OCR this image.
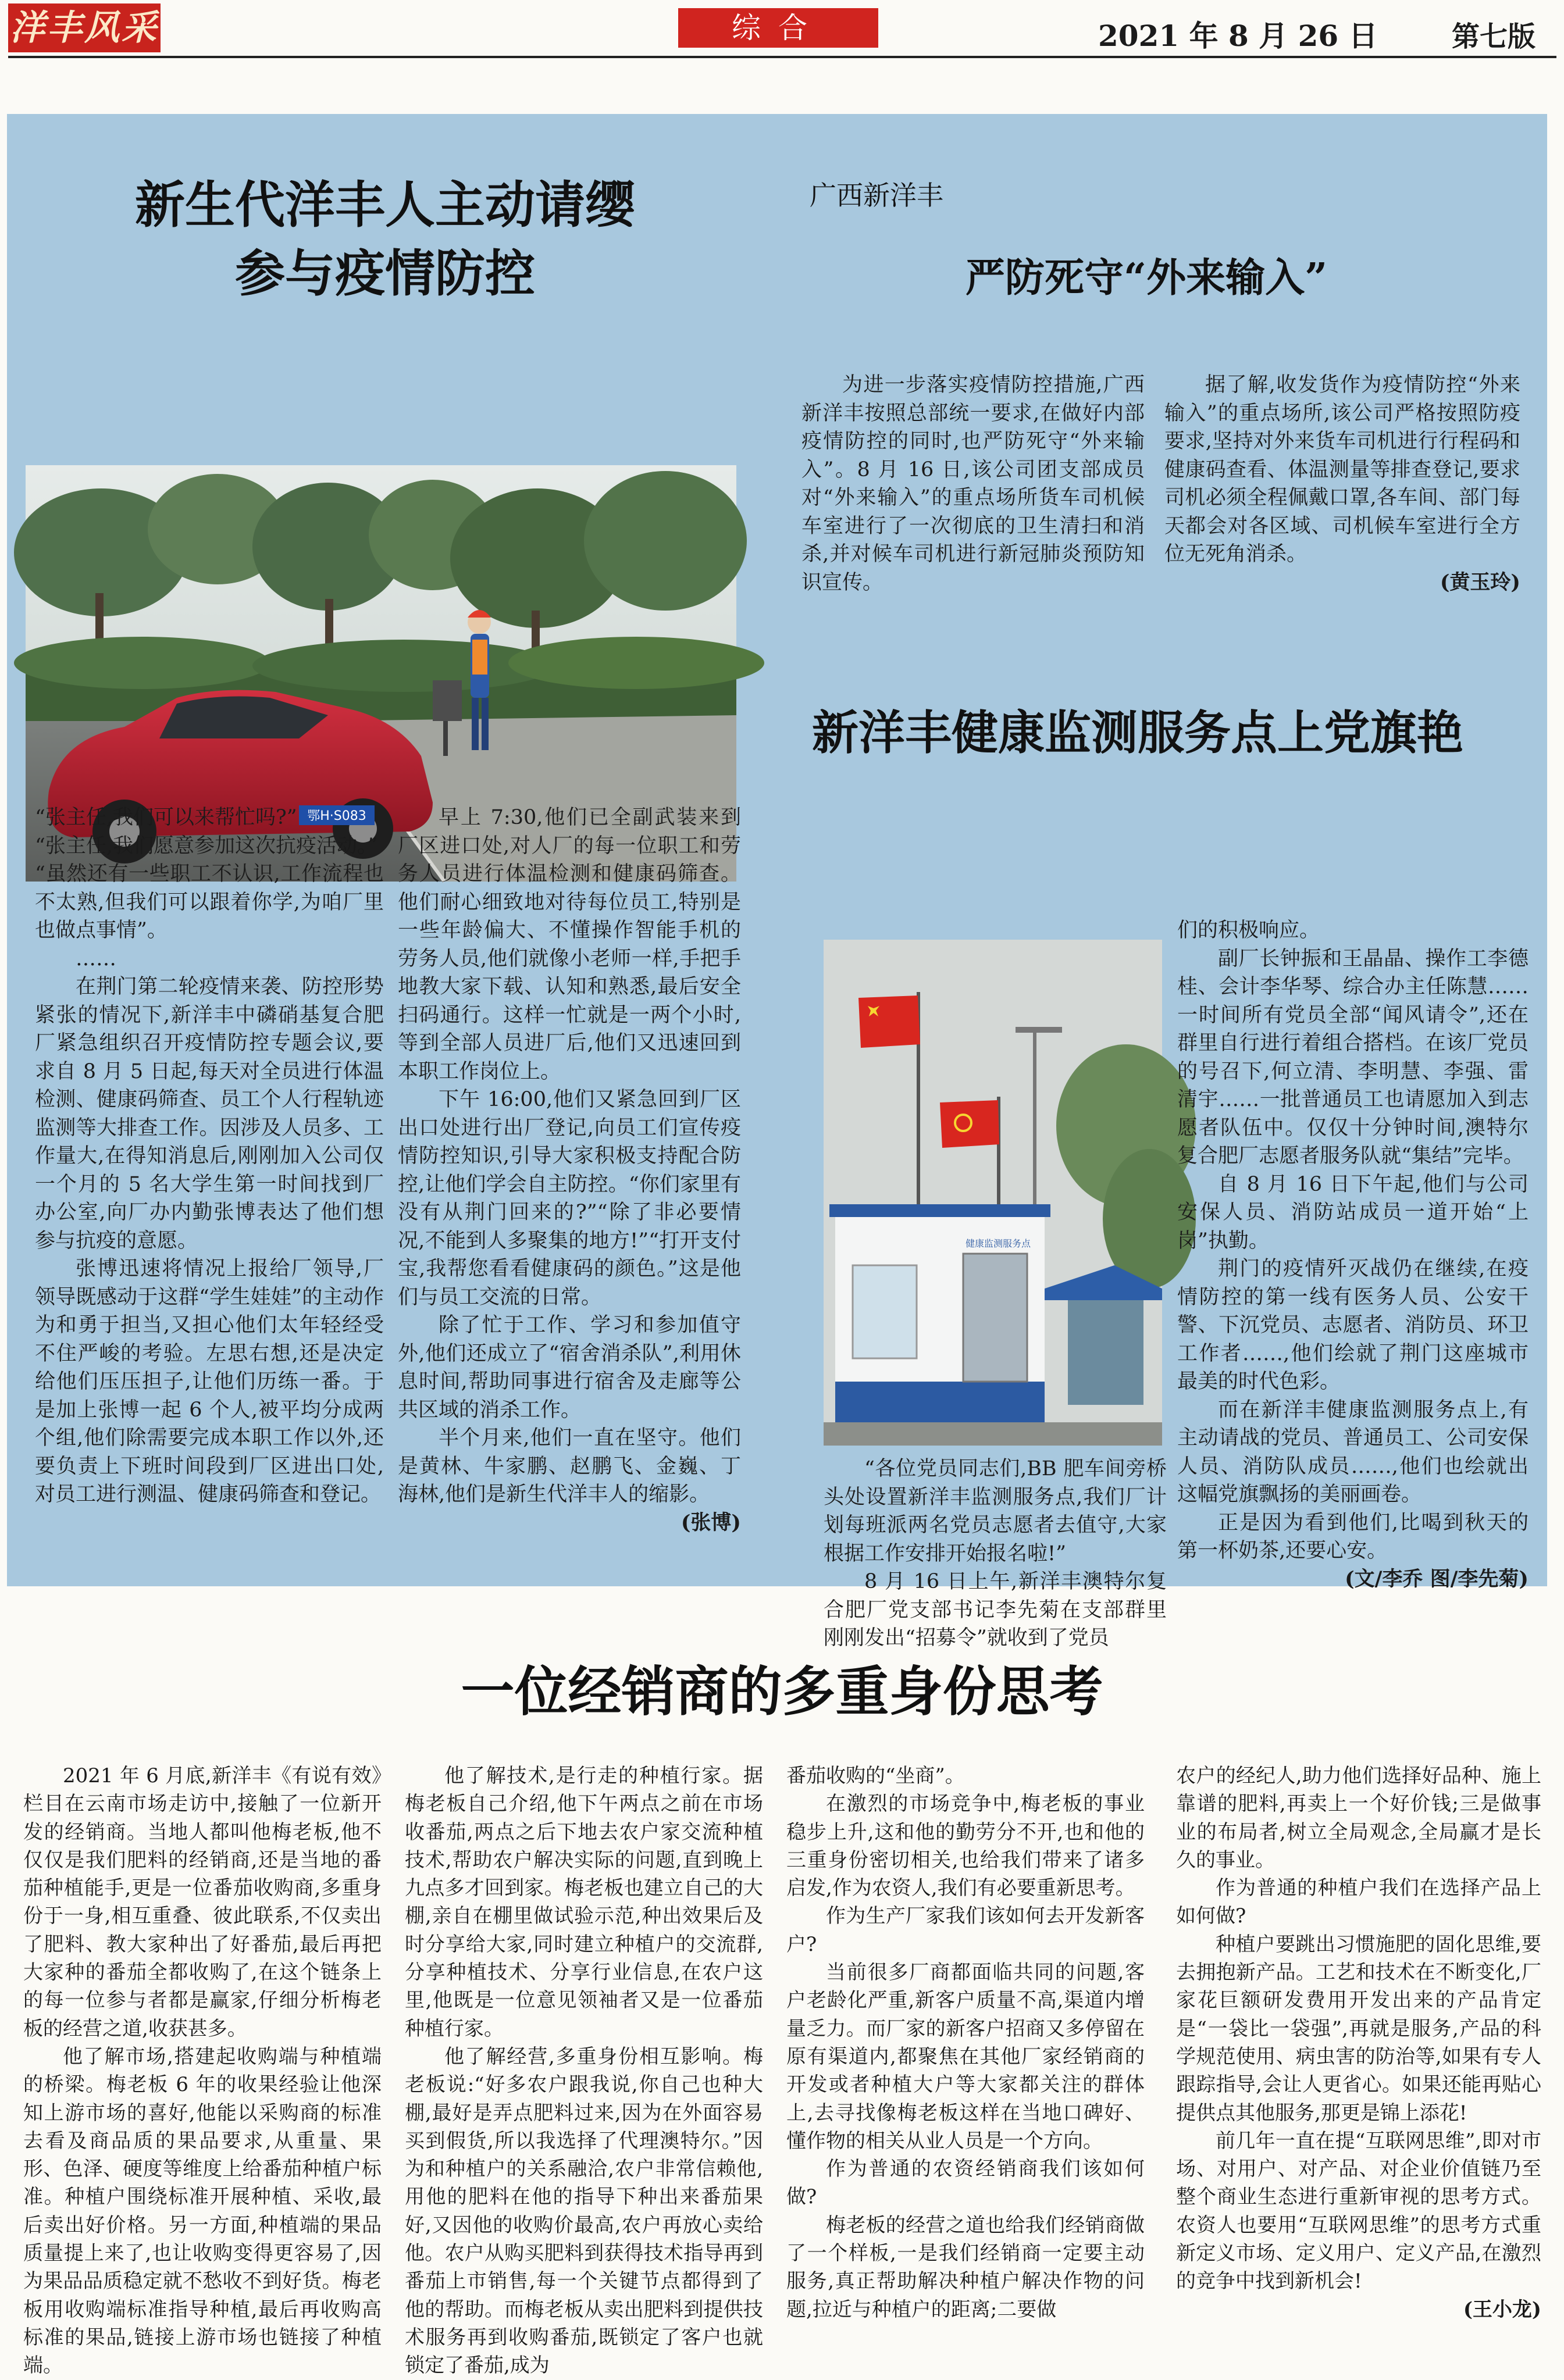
洋丰风采	综合	2021 年 8 月 26 日	第七版
新生代洋丰人主动请缨
参与疫情防控
鄂H·S083

“张主任,我们可以来帮忙吗?”

“张主任,我们愿意参加这次抗疫活动。”

“虽然还有一些职工不认识,工作流程也不太熟,但我们可以跟着你学,为咱厂里也做点事情”。

……

在荆门第二轮疫情来袭、防控形势紧张的情况下,新洋丰中磷硝基复合肥厂紧急组织召开疫情防控专题会议,要求自 8 月 5 日起,每天对全员进行体温检测、健康码筛查、员工个人行程轨迹监测等大排查工作。因涉及人员多、工作量大,在得知消息后,刚刚加入公司仅一个月的 5 名大学生第一时间找到厂办公室,向厂办内勤张博表达了他们想参与抗疫的意愿。

张博迅速将情况上报给厂领导,厂领导既感动于这群“学生娃娃”的主动作为和勇于担当,又担心他们太年轻经受不住严峻的考验。左思右想,还是决定给他们压压担子,让他们历练一番。于是加上张博一起 6 个人,被平均分成两个组,他们除需要完成本职工作以外,还要负责上下班时间段到厂区进出口处,对员工进行测温、健康码筛查和登记。

早上 7:30,他们已全副武装来到厂区进口处,对人厂的每一位职工和劳务人员进行体温检测和健康码筛查。他们耐心细致地对待每位员工,特别是一些年龄偏大、不懂操作智能手机的劳务人员,他们就像小老师一样,手把手地教大家下载、认知和熟悉,最后安全扫码通行。这样一忙就是一两个小时,等到全部人员进厂后,他们又迅速回到本职工作岗位上。

下午 16:00,他们又紧急回到厂区出口处进行出厂登记,向员工们宣传疫情防控知识,引导大家积极支持配合防控,让他们学会自主防控。“你们家里有没有从荆门回来的?”“除了非必要情况,不能到人多聚集的地方!”“打开支付宝,我帮您看看健康码的颜色。”这是他们与员工交流的日常。

除了忙于工作、学习和参加值守外,他们还成立了“宿舍消杀队”,利用休息时间,帮助同事进行宿舍及走廊等公共区域的消杀工作。

半个月来,他们一直在坚守。他们是黄林、牛家鹏、赵鹏飞、金巍、丁海林,他们是新生代洋丰人的缩影。

(张博)
广西新洋丰
严防死守“外来输入”

为进一步落实疫情防控措施,广西新洋丰按照总部统一要求,在做好内部疫情防控的同时,也严防死守“外来输入”。8 月 16 日,该公司团支部成员对“外来输入”的重点场所货车司机候车室进行了一次彻底的卫生清扫和消杀,并对候车司机进行新冠肺炎预防知识宣传。

据了解,收发货作为疫情防控“外来输入”的重点场所,该公司严格按照防疫要求,坚持对外来货车司机进行行程码和健康码查看、体温测量等排查登记,要求司机必须全程佩戴口罩,各车间、部门每天都会对各区域、司机候车室进行全方位无死角消杀。

(黄玉玲)
新洋丰健康监测服务点上党旗艳
健康监测服务点

“各位党员同志们,BB 肥车间旁桥头处设置新洋丰监测服务点,我们厂计划每班派两名党员志愿者去值守,大家根据工作安排开始报名啦!”

8 月 16 日上午,新洋丰澳特尔复合肥厂党支部书记李先菊在支部群里刚刚发出“招募令”就收到了党员

们的积极响应。

副厂长钟振和王晶晶、操作工李德桂、会计李华琴、综合办主任陈慧……一时间所有党员全部“闻风请令”,还在群里自行进行着组合搭档。在该厂党员的号召下,何立清、李明慧、李强、雷清宇……一批普通员工也请愿加入到志愿者队伍中。仅仅十分钟时间,澳特尔复合肥厂志愿者服务队就“集结”完毕。

自 8 月 16 日下午起,他们与公司安保人员、消防站成员一道开始“上岗”执勤。

荆门的疫情歼灭战仍在继续,在疫情防控的第一线有医务人员、公安干警、下沉党员、志愿者、消防员、环卫工作者……,他们绘就了荆门这座城市最美的时代色彩。

而在新洋丰健康监测服务点上,有主动请战的党员、普通员工、公司安保人员、消防队成员……,他们也绘就出这幅党旗飘扬的美丽画卷。

正是因为看到他们,比喝到秋天的第一杯奶茶,还要心安。

(文/李乔 图/李先菊)
一位经销商的多重身份思考

2021 年 6 月底,新洋丰《有说有效》栏目在云南市场走访中,接触了一位新开发的经销商。当地人都叫他梅老板,他不仅仅是我们肥料的经销商,还是当地的番茄种植能手,更是一位番茄收购商,多重身份于一身,相互重叠、彼此联系,不仅卖出了肥料、教大家种出了好番茄,最后再把大家种的番茄全都收购了,在这个链条上的每一位参与者都是赢家,仔细分析梅老板的经营之道,收获甚多。

他了解市场,搭建起收购端与种植端的桥梁。梅老板 6 年的收果经验让他深知上游市场的喜好,他能以采购商的标准去看及商品质的果品要求,从重量、果形、色泽、硬度等维度上给番茄种植户标准。种植户围绕标准开展种植、采收,最后卖出好价格。另一方面,种植端的果品质量提上来了,也让收购变得更容易了,因为果品品质稳定就不愁收不到好货。梅老板用收购端标准指导种植,最后再收购高标准的果品,链接上游市场也链接了种植端。

他了解技术,是行走的种植行家。据梅老板自己介绍,他下午两点之前在市场收番茄,两点之后下地去农户家交流种植技术,帮助农户解决实际的问题,直到晚上九点多才回到家。梅老板也建立自己的大棚,亲自在棚里做试验示范,种出效果后及时分享给大家,同时建立种植户的交流群,分享种植技术、分享行业信息,在农户这里,他既是一位意见领袖者又是一位番茄种植行家。

他了解经营,多重身份相互影响。梅老板说:“好多农户跟我说,你自己也种大棚,最好是弄点肥料过来,因为在外面容易买到假货,所以我选择了代理澳特尔。”因为和种植户的关系融洽,农户非常信赖他,用他的肥料在他的指导下种出来番茄果好,又因他的收购价最高,农户再放心卖给他。农户从购买肥料到获得技术指导再到番茄上市销售,每一个关键节点都得到了他的帮助。而梅老板从卖出肥料到提供技术服务再到收购番茄,既锁定了客户也就锁定了番茄,成为

番茄收购的“坐商”。

在激烈的市场竞争中,梅老板的事业稳步上升,这和他的勤劳分不开,也和他的三重身份密切相关,也给我们带来了诸多启发,作为农资人,我们有必要重新思考。

作为生产厂家我们该如何去开发新客户?

当前很多厂商都面临共同的问题,客户老龄化严重,新客户质量不高,渠道内增量乏力。而厂家的新客户招商又多停留在原有渠道内,都聚焦在其他厂家经销商的开发或者种植大户等大家都关注的群体上,去寻找像梅老板这样在当地口碑好、懂作物的相关从业人员是一个方向。

作为普通的农资经销商我们该如何做?

梅老板的经营之道也给我们经销商做了一个样板,一是我们经销商一定要主动服务,真正帮助解决种植户解决作物的问题,拉近与种植户的距离;二要做

农户的经纪人,助力他们选择好品种、施上靠谱的肥料,再卖上一个好价钱;三是做事业的布局者,树立全局观念,全局赢才是长久的事业。

作为普通的种植户我们在选择产品上如何做?

种植户要跳出习惯施肥的固化思维,要去拥抱新产品。工艺和技术在不断变化,厂家花巨额研发费用开发出来的产品肯定是“一袋比一袋强”,再就是服务,产品的科学规范使用、病虫害的防治等,如果有专人跟踪指导,会让人更省心。如果还能再贴心提供点其他服务,那更是锦上添花!

前几年一直在提“互联网思维”,即对市场、对用户、对产品、对企业价值链乃至整个商业生态进行重新审视的思考方式。农资人也要用“互联网思维”的思考方式重新定义市场、定义用户、定义产品,在激烈的竞争中找到新机会!

(王小龙)
